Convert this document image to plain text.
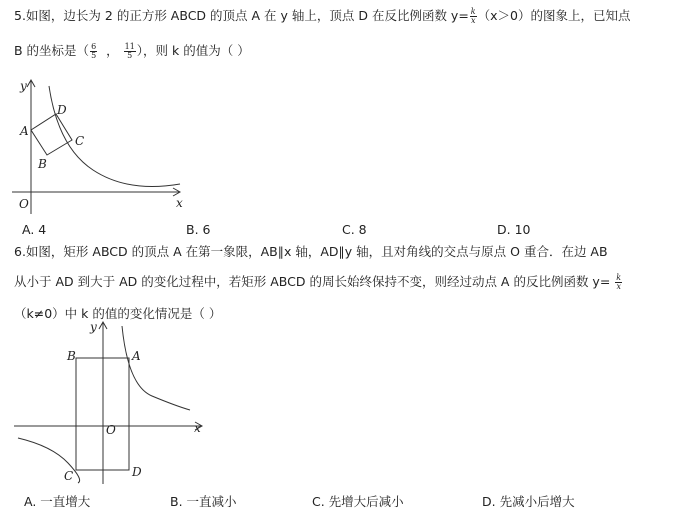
5.如图，边长为 2 的正方形 ABCD 的顶点 A 在 y 轴上，顶点 D 在反比例函数 $y= \frac{k}{x} (x>0)$的图象上，已知点
B 的坐标是（ $\frac{6}{5}$ ， $\frac{11}{5}$ ），则 k 的值为（ ）
y
x
O
A
B
C
D
A. 4	B. 6	C. 8	D. 10
6.如图，矩形 ABCD 的顶点 A 在第一象限，AB∥x 轴，AD∥y 轴，且对角线的交点与原点 O 重合．在边 AB
从小于 AD 到大于 AD 的变化过程中，若矩形 ABCD 的周长始终保持不变，则经过动点 A 的反比例函数 $y= \frac{k}{x}$
（k≠0）中 k 的值的变化情况是（ ）
y
x
O
A
B
C	D
A. 一直增大	B. 一直减小	C. 先增大后减小	D. 先减小后增大
